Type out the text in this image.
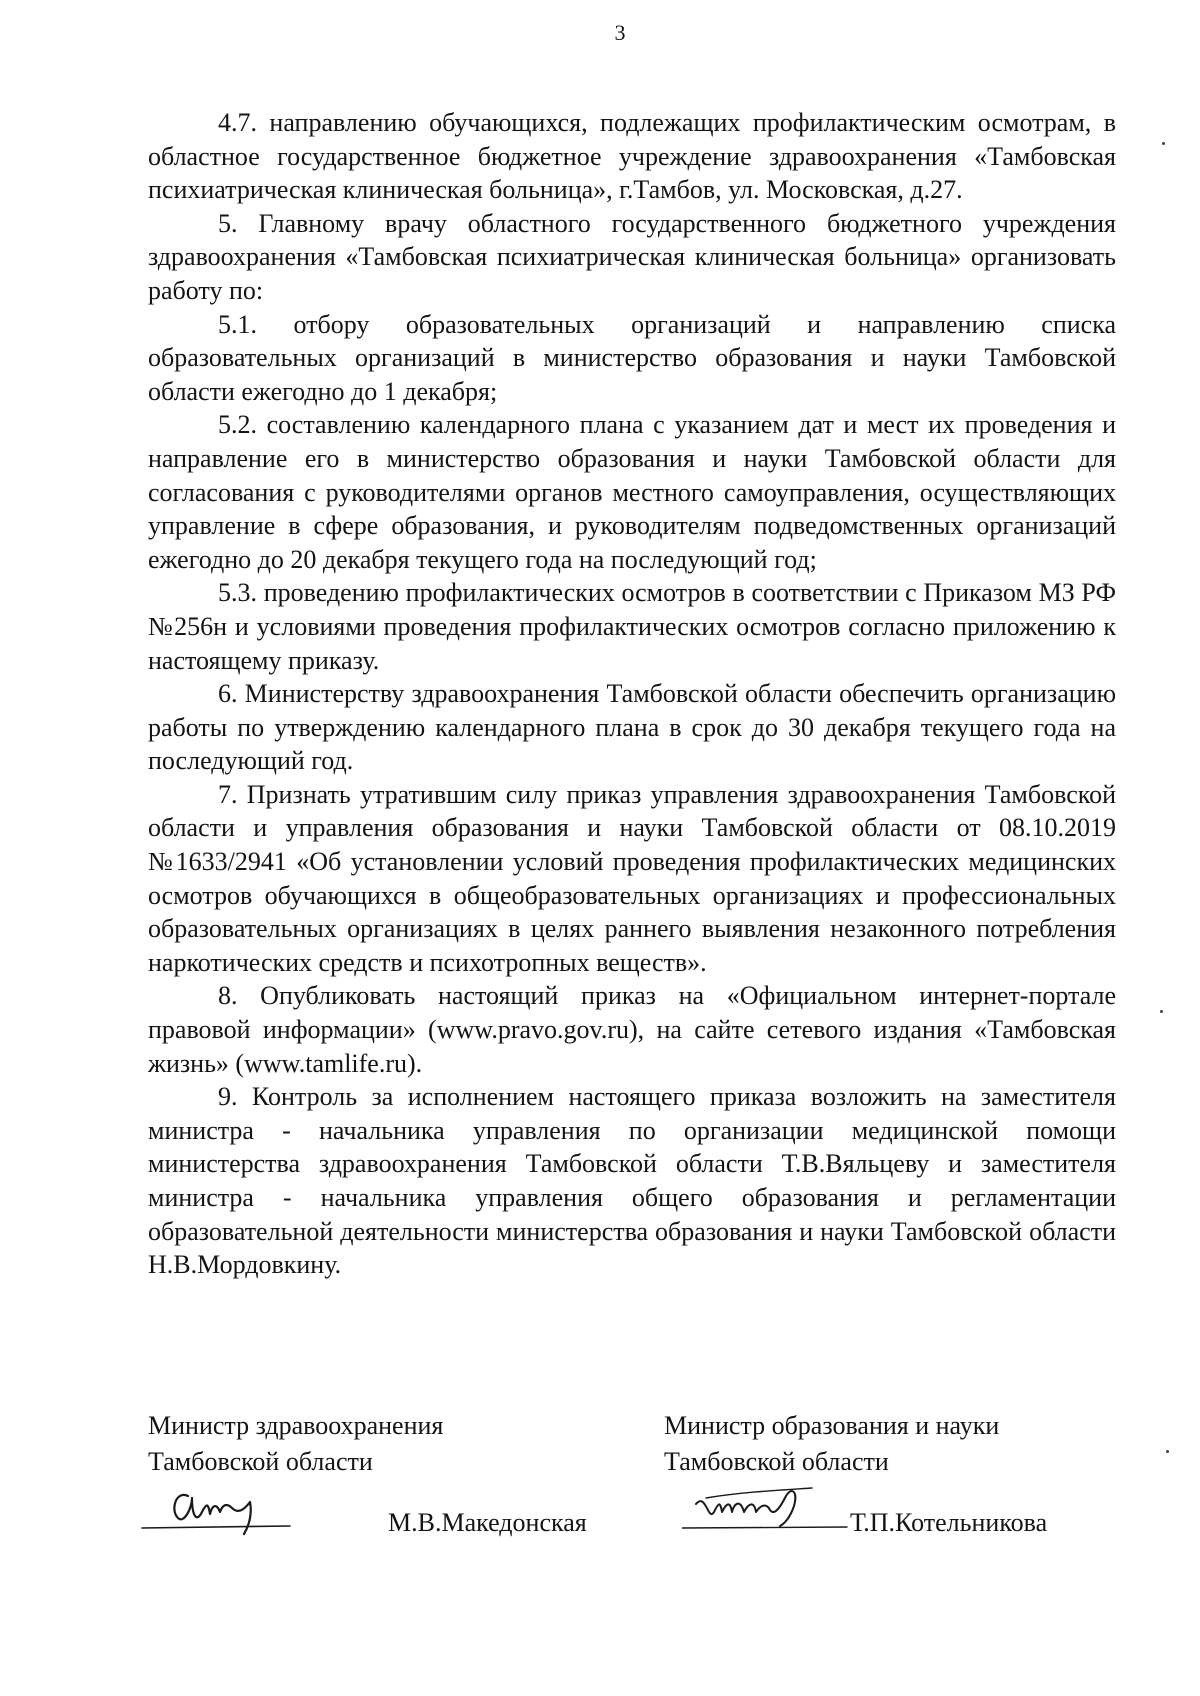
3

4.7. направлению обучающихся, подлежащих профилактическим осмотрам, в областное государственное бюджетное учреждение здравоохранения «Тамбовская психиатрическая клиническая больница», г.Тамбов, ул. Московская, д.27.

5. Главному врачу областного государственного бюджетного учреждения здравоохранения «Тамбовская психиатрическая клиническая больница» организовать работу по:

5.1. отбору образовательных организаций и направлению списка образовательных организаций в министерство образования и науки Тамбовской области ежегодно до 1 декабря;

5.2. составлению календарного плана с указанием дат и мест их проведения и направление его в министерство образования и науки Тамбовской области для согласования с руководителями органов местного самоуправления, осуществляющих управление в сфере образования, и руководителям подведомственных организаций ежегодно до 20 декабря текущего года на последующий год;

5.3. проведению профилактических осмотров в соответствии с Приказом МЗ РФ №256н и условиями проведения профилактических осмотров согласно приложению к настоящему приказу.

6. Министерству здравоохранения Тамбовской области обеспечить организацию работы по утверждению календарного плана в срок до 30 декабря текущего года на последующий год.

7. Признать утратившим силу приказ управления здравоохранения Тамбовской области и управления образования и науки Тамбовской области от 08.10.2019 №1633/2941 «Об установлении условий проведения профилактических медицинских осмотров обучающихся в общеобразовательных организациях и профессиональных образовательных организациях в целях раннего выявления незаконного потребления наркотических средств и психотропных веществ».

8. Опубликовать настоящий приказ на «Официальном интернет-портале правовой информации» (www.pravo.gov.ru), на сайте сетевого издания «Тамбовская жизнь» (www.tamlife.ru).

9. Контроль за исполнением настоящего приказа возложить на заместителя министра - начальника управления по организации медицинской помощи министерства здравоохранения Тамбовской области Т.В.Вяльцеву и заместителя министра - начальника управления общего образования и регламентации образовательной деятельности министерства образования и науки Тамбовской области Н.В.Мордовкину.

Министр здравоохранения
Тамбовской области
Министр образования и науки
Тамбовской области
М.В.Македонская	Т.П.Котельникова
